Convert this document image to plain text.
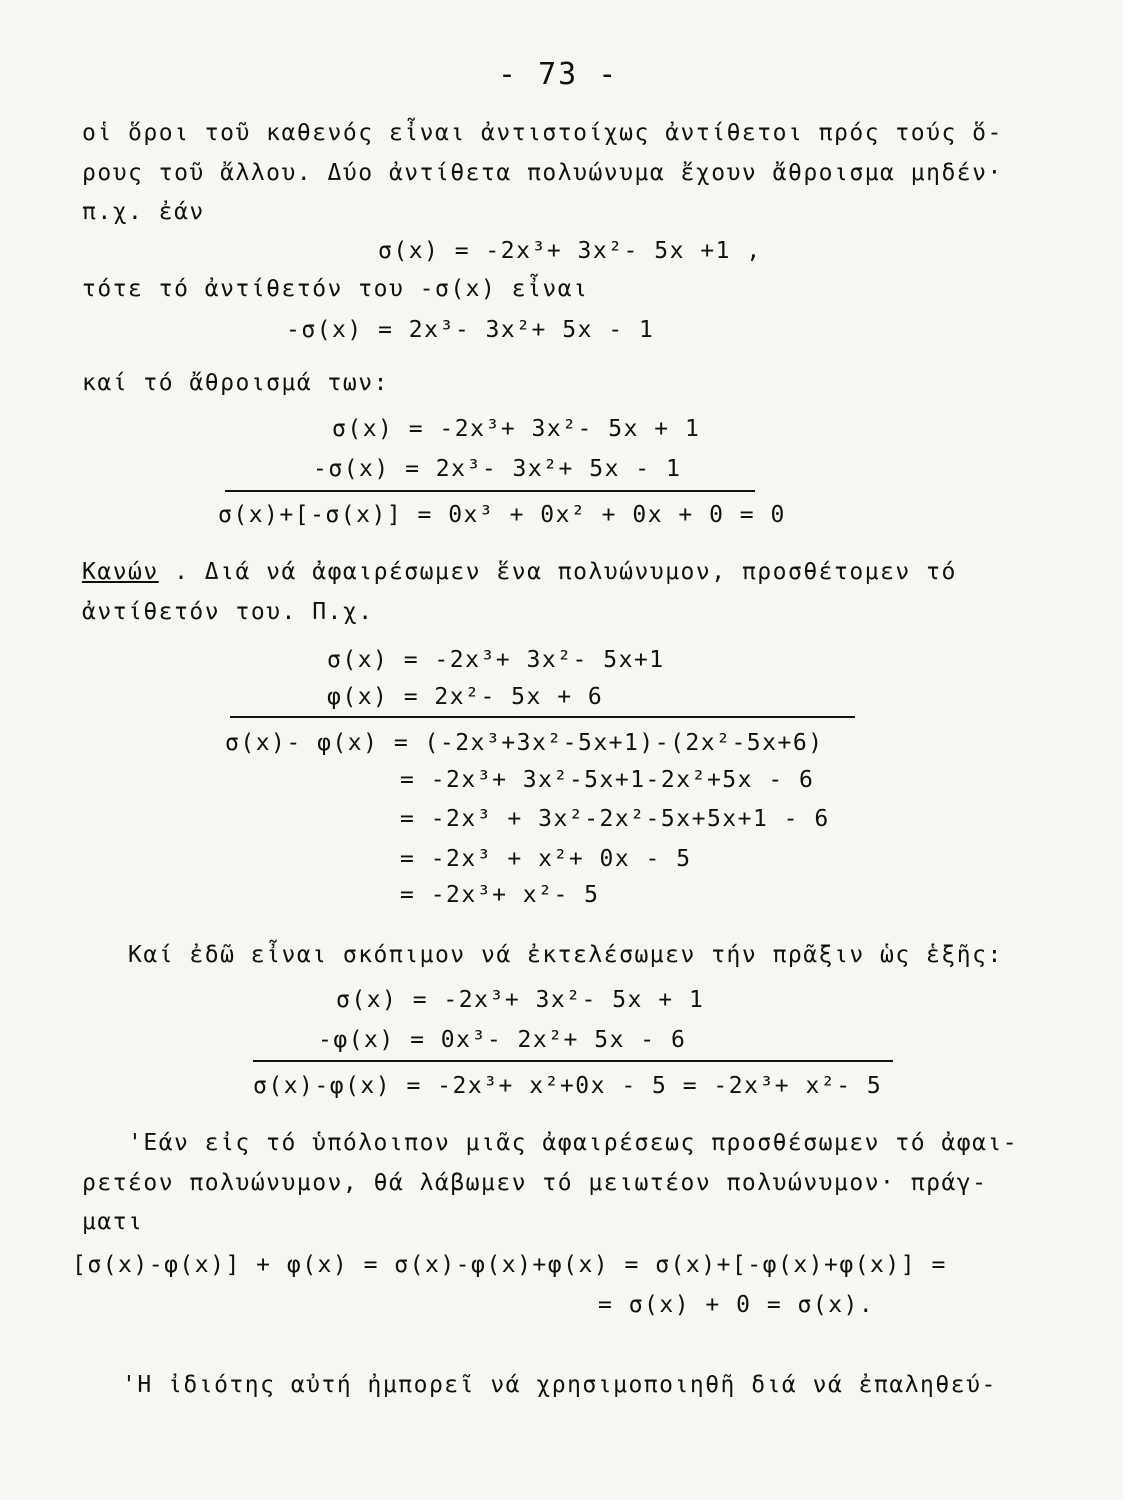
- 73 -
οἱ ὅροι τοῦ καθενός εἶναι ἀντιστοίχως ἀντίθετοι πρός τούς ὅ-
ρους τοῦ ἄλλου. Δύο ἀντίθετα πολυώνυμα ἔχουν ἄθροισμα μηδέν·
π.χ. ἐάν
σ(x) = -2x³+ 3x²- 5x +1 ,
τότε τό ἀντίθετόν του -σ(x) εἶναι
-σ(x) = 2x³- 3x²+ 5x - 1
καί τό ἄθροισμά των:
σ(x) = -2x³+ 3x²- 5x + 1
-σ(x) = 2x³- 3x²+ 5x - 1
σ(x)+[-σ(x)] = 0x³ + 0x² + 0x + 0 = 0
Κανών . Διά νά ἀφαιρέσωμεν ἕνα πολυώνυμον, προσθέτομεν τό
ἀντίθετόν του. Π.χ.
σ(x) = -2x³+ 3x²- 5x+1
φ(x) = 2x²- 5x + 6
σ(x)- φ(x) = (-2x³+3x²-5x+1)-(2x²-5x+6)
= -2x³+ 3x²-5x+1-2x²+5x - 6
= -2x³ + 3x²-2x²-5x+5x+1 - 6
= -2x³ + x²+ 0x - 5
= -2x³+ x²- 5
Καί ἐδῶ εἶναι σκόπιμον νά ἐκτελέσωμεν τήν πρᾶξιν ὡς ἑξῆς:
σ(x) = -2x³+ 3x²- 5x + 1
-φ(x) = 0x³- 2x²+ 5x - 6
σ(x)-φ(x) = -2x³+ x²+0x - 5 = -2x³+ x²- 5
'Εάν εἰς τό ὑπόλοιπον μιᾶς ἀφαιρέσεως προσθέσωμεν τό ἀφαι-
ρετέον πολυώνυμον, θά λάβωμεν τό μειωτέον πολυώνυμον· πράγ-
ματι
[σ(x)-φ(x)] + φ(x) = σ(x)-φ(x)+φ(x) = σ(x)+[-φ(x)+φ(x)] =
= σ(x) + 0 = σ(x).
'Η ἰδιότης αὐτή ἠμπορεῖ νά χρησιμοποιηθῆ διά νά ἐπαληθεύ-
